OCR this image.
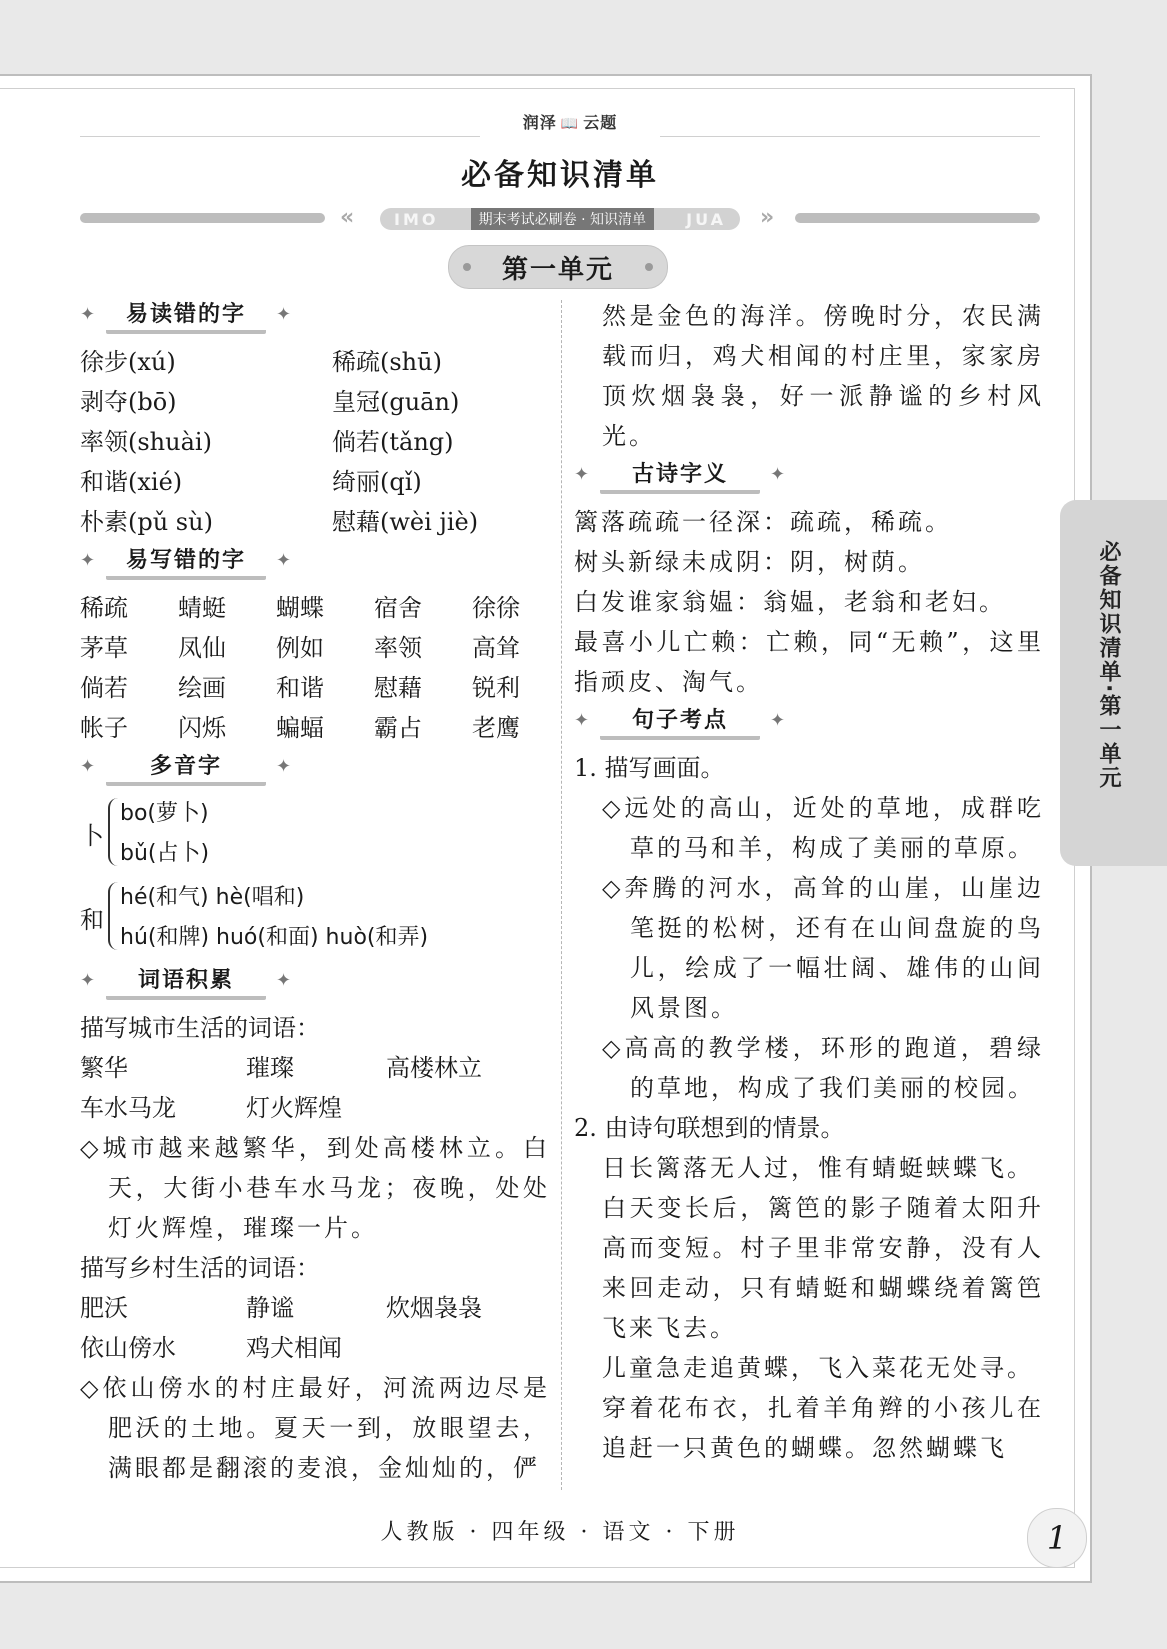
润泽 📖 云题
必备知识清单
« IMO	期末考试必刷卷 · 知识清单	JUA »
第一单元
✦	易读错的字	✦
徐步(xú)	稀疏(shū)
剥夺(bō)	皇冠(guān)
率领(shuài)	倘若(tǎng)
和谐(xié)	绮丽(qǐ)
朴素(pǔ sù)	慰藉(wèi jiè)
✦	易写错的字	✦
稀疏	蜻蜓	蝴蝶	宿舍	徐徐
茅草	凤仙	例如	率领	高耸
倘若	绘画	和谐	慰藉	锐利
帐子	闪烁	蝙蝠	霸占	老鹰
✦	多音字	✦
卜
bo(萝卜)
bǔ(占卜)
和
hé(和气) hè(唱和)
hú(和牌) huó(和面) huò(和弄)
✦	词语积累	✦
描写城市生活的词语：
繁华	璀璨	高楼林立
车水马龙	灯火辉煌
◇城市越来越繁华，到处高楼林立。白天，大街小巷车水马龙；夜晚，处处灯火辉煌，璀璨一片。
描写乡村生活的词语：
肥沃	静谧	炊烟袅袅
依山傍水	鸡犬相闻
◇依山傍水的村庄最好，河流两边尽是肥沃的土地。夏天一到，放眼望去，满眼都是翻滚的麦浪，金灿灿的，俨
然是金色的海洋。傍晚时分，农民满载而归，鸡犬相闻的村庄里，家家房顶炊烟袅袅，好一派静谧的乡村风光。
✦	古诗字义	✦
篱落疏疏一径深：疏疏，稀疏。
树头新绿未成阴：阴，树荫。
白发谁家翁媪：翁媪，老翁和老妇。
最喜小儿亡赖：亡赖，同“无赖”，这里指顽皮、淘气。
✦	句子考点	✦
1. 描写画面。
◇远处的高山，近处的草地，成群吃草的马和羊，构成了美丽的草原。
◇奔腾的河水，高耸的山崖，山崖边笔挺的松树，还有在山间盘旋的鸟儿，绘成了一幅壮阔、雄伟的山间风景图。
◇高高的教学楼，环形的跑道，碧绿的草地，构成了我们美丽的校园。
2. 由诗句联想到的情景。
日长篱落无人过，惟有蜻蜓蛱蝶飞。
白天变长后，篱笆的影子随着太阳升高而变短。村子里非常安静，没有人来回走动，只有蜻蜓和蝴蝶绕着篱笆飞来飞去。
儿童急走追黄蝶，飞入菜花无处寻。
穿着花布衣，扎着羊角辫的小孩儿在追赶一只黄色的蝴蝶。忽然蝴蝶飞
必备知识清单·第一单元
人教版 · 四年级 · 语文 · 下册	1
